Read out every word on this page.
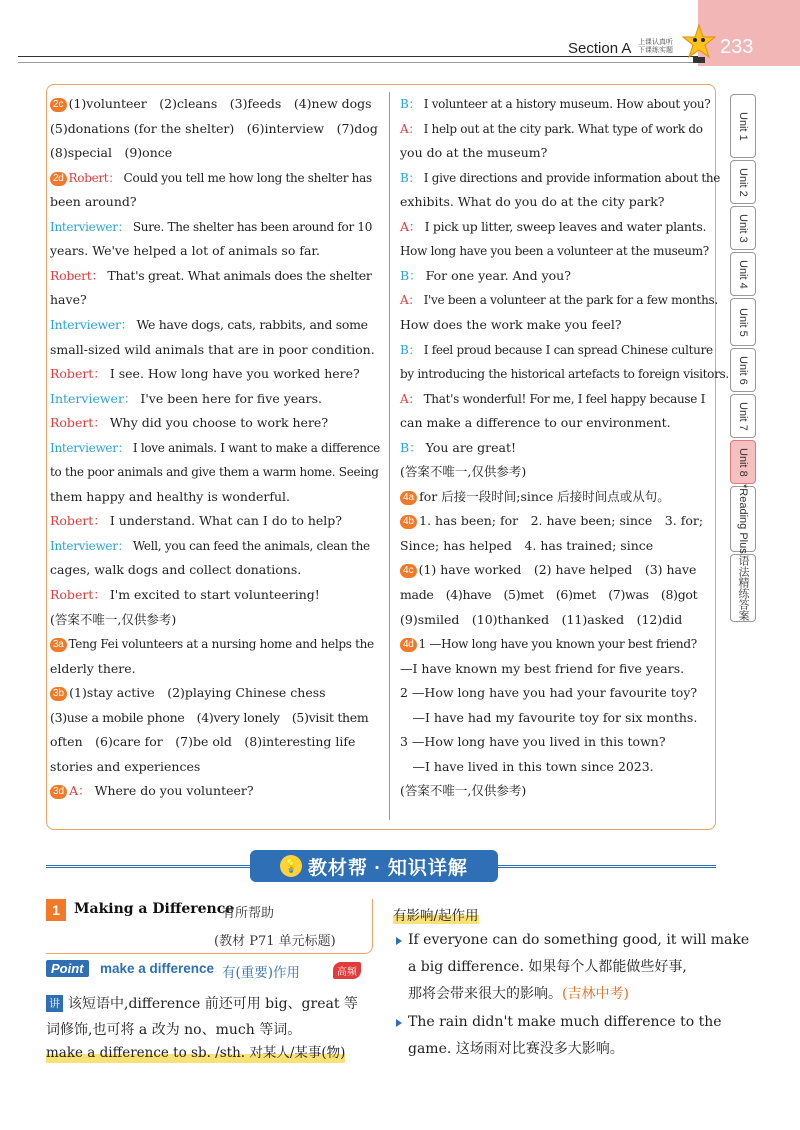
Section A 上课认真听
下课练实题 233
2c (1)volunteer　(2)cleans　(3)feeds　(4)new dogs
(5)donations (for the shelter)　(6)interview　(7)dog
(8)special　(9)once
2d Robert： Could you tell me how long the shelter has
been around?
Interviewer： Sure. The shelter has been around for 10
years. We've helped a lot of animals so far.
Robert： That's great. What animals does the shelter
have?
Interviewer： We have dogs, cats, rabbits, and some
small-sized wild animals that are in poor condition.
Robert： I see. How long have you worked here?
Interviewer： I've been here for five years.
Robert： Why did you choose to work here?
Interviewer： I love animals. I want to make a difference
to the poor animals and give them a warm home. Seeing
them happy and healthy is wonderful.
Robert： I understand. What can I do to help?
Interviewer： Well, you can feed the animals, clean the
cages, walk dogs and collect donations.
Robert： I'm excited to start volunteering!
(答案不唯一,仅供参考)
3a Teng Fei volunteers at a nursing home and helps the
elderly there.
3b (1)stay active　(2)playing Chinese chess
(3)use a mobile phone　(4)very lonely　(5)visit them
often　(6)care for　(7)be old　(8)interesting life
stories and experiences
3d A： Where do you volunteer?
B： I volunteer at a history museum. How about you?
A： I help out at the city park. What type of work do
you do at the museum?
B： I give directions and provide information about the
exhibits. What do you do at the city park?
A： I pick up litter, sweep leaves and water plants.
How long have you been a volunteer at the museum?
B： For one year. And you?
A： I've been a volunteer at the park for a few months.
How does the work make you feel?
B： I feel proud because I can spread Chinese culture
by introducing the historical artefacts to foreign visitors.
A： That's wonderful! For me, I feel happy because I
can make a difference to our environment.
B： You are great!
(答案不唯一,仅供参考)
4a for 后接一段时间;since 后接时间点或从句。
4b 1. has been; for　2. have been; since　3. for;
Since; has helped　4. has trained; since
4c (1) have worked　(2) have helped　(3) have
made　(4)have　(5)met　(6)met　(7)was　(8)got
(9)smiled　(10)thanked　(11)asked　(12)did
4d 1 —How long have you known your best friend?
—I have known my best friend for five years.
2 —How long have you had your favourite toy?
　—I have had my favourite toy for six months.
3 —How long have you lived in this town?
　—I have lived in this town since 2023.
(答案不唯一,仅供参考)
Unit 1
Unit 2
Unit 3
Unit 4
Unit 5
Unit 6
Unit 7
Unit 8
*Reading Plus
语法精练答案
💡 教材帮 · 知识详解
1	Making a Difference
有所帮助
(教材 P71 单元标题)
Point	make a difference 有(重要)作用	高频
讲 该短语中,difference 前还可用 big、great 等
词修饰,也可将 a 改为 no、much 等词。
make a difference to sb. /sth. 对某人/某事(物)
有影响/起作用
If everyone can do something good, it will make
a big difference. 如果每个人都能做些好事,
那将会带来很大的影响。(吉林中考)
The rain didn't make much difference to the
game. 这场雨对比赛没多大影响。
